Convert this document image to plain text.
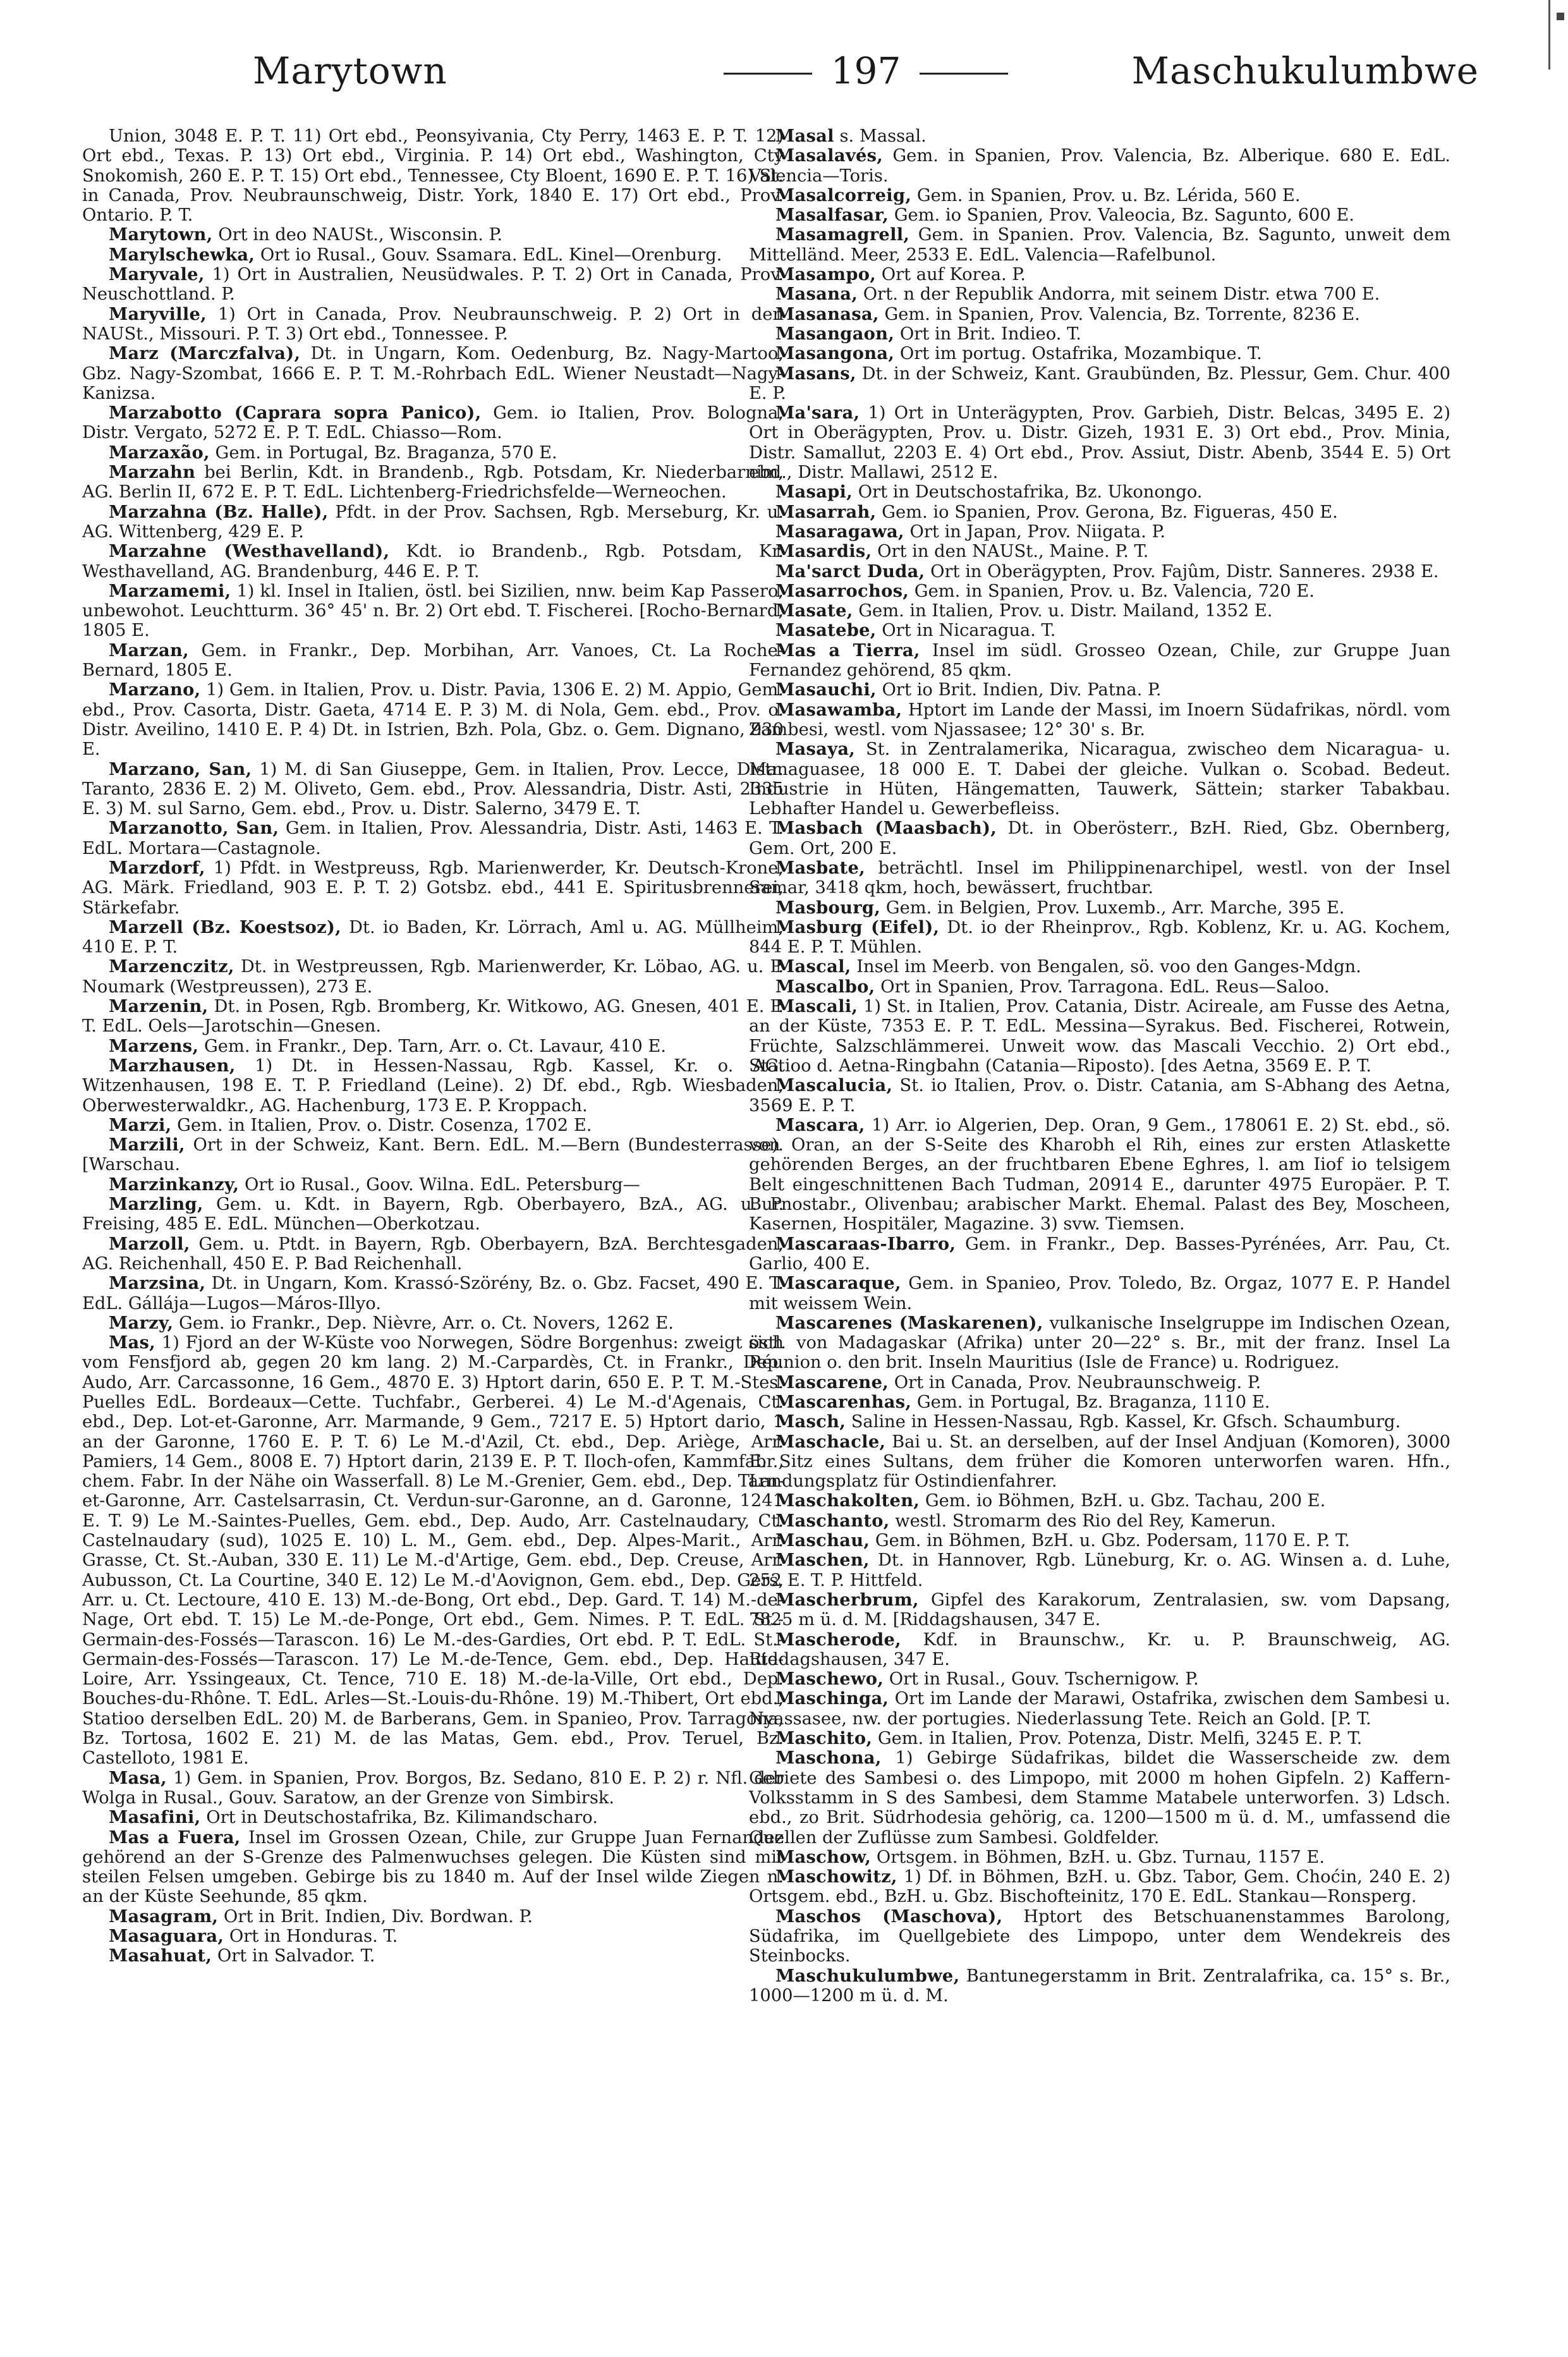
Marytown	197	Maschukulumbwe

Union, 3048 E. P. T. 11) Ort ebd., Peonsyivania, Cty Perry, 1463 E. P. T. 12) Ort ebd., Texas. P. 13) Ort ebd., Virginia. P. 14) Ort ebd., Washington, Cty Snokomish, 260 E. P. T. 15) Ort ebd., Tennessee, Cty Bloent, 1690 E. P. T. 16) St. in Canada, Prov. Neubraunschweig, Distr. York, 1840 E. 17) Ort ebd., Prov. Ontario. P. T.

Marytown, Ort in deo NAUSt., Wisconsin. P.

Marylschewka, Ort io Rusal., Gouv. Ssamara. EdL. Kinel—Orenburg.

Maryvale, 1) Ort in Australien, Neusüdwales. P. T. 2) Ort in Canada, Prov. Neuschottland. P.

Maryville, 1) Ort in Canada, Prov. Neubraunschweig. P. 2) Ort in den NAUSt., Missouri. P. T. 3) Ort ebd., Tonnessee. P.

Marz (Marczfalva), Dt. in Ungarn, Kom. Oedenburg, Bz. Nagy-Martoo, Gbz. Nagy-Szombat, 1666 E. P. T. M.-Rohrbach EdL. Wiener Neustadt—Nagy-Kanizsa.

Marzabotto (Caprara sopra Panico), Gem. io Italien, Prov. Bologna, Distr. Vergato, 5272 E. P. T. EdL. Chiasso—Rom.

Marzaxão, Gem. in Portugal, Bz. Braganza, 570 E.

Marzahn bei Berlin, Kdt. in Brandenb., Rgb. Potsdam, Kr. Niederbarnim, AG. Berlin II, 672 E. P. T. EdL. Lichtenberg-Friedrichsfelde—Werneochen.

Marzahna (Bz. Halle), Pfdt. in der Prov. Sachsen, Rgb. Merseburg, Kr. u. AG. Wittenberg, 429 E. P.

Marzahne (Westhavelland), Kdt. io Brandenb., Rgb. Potsdam, Kr. Westhavelland, AG. Brandenburg, 446 E. P. T.

Marzamemi, 1) kl. Insel in Italien, östl. bei Sizilien, nnw. beim Kap Passero, unbewohot. Leuchtturm. 36° 45' n. Br. 2) Ort ebd. T. Fischerei. [Rocho-Bernard, 1805 E.

Marzan, Gem. in Frankr., Dep. Morbihan, Arr. Vanoes, Ct. La Roche-Bernard, 1805 E.

Marzano, 1) Gem. in Italien, Prov. u. Distr. Pavia, 1306 E. 2) M. Appio, Gem. ebd., Prov. Casorta, Distr. Gaeta, 4714 E. P. 3) M. di Nola, Gem. ebd., Prov. o. Distr. Aveilino, 1410 E. P. 4) Dt. in Istrien, Bzh. Pola, Gbz. o. Gem. Dignano, 930 E.

Marzano, San, 1) M. di San Giuseppe, Gem. in Italien, Prov. Lecce, Distr. Taranto, 2836 E. 2) M. Oliveto, Gem. ebd., Prov. Alessandria, Distr. Asti, 2335 E. 3) M. sul Sarno, Gem. ebd., Prov. u. Distr. Salerno, 3479 E. T.

Marzanotto, San, Gem. in Italien, Prov. Alessandria, Distr. Asti, 1463 E. T. EdL. Mortara—Castagnole.

Marzdorf, 1) Pfdt. in Westpreuss, Rgb. Marienwerder, Kr. Deutsch-Krone, AG. Märk. Friedland, 903 E. P. T. 2) Gotsbz. ebd., 441 E. Spiritusbrennerei, Stärkefabr.

Marzell (Bz. Koestsoz), Dt. io Baden, Kr. Lörrach, Aml u. AG. Müllheim, 410 E. P. T.

Marzenczitz, Dt. in Westpreussen, Rgb. Marienwerder, Kr. Löbao, AG. u. P. Noumark (Westpreussen), 273 E.

Marzenin, Dt. in Posen, Rgb. Bromberg, Kr. Witkowo, AG. Gnesen, 401 E. P. T. EdL. Oels—Jarotschin—Gnesen.

Marzens, Gem. in Frankr., Dep. Tarn, Arr. o. Ct. Lavaur, 410 E.

Marzhausen, 1) Dt. in Hessen-Nassau, Rgb. Kassel, Kr. o. AG. Witzenhausen, 198 E. T. P. Friedland (Leine). 2) Df. ebd., Rgb. Wiesbaden, Oberwesterwaldkr., AG. Hachenburg, 173 E. P. Kroppach.

Marzi, Gem. in Italien, Prov. o. Distr. Cosenza, 1702 E.

Marzili, Ort in der Schweiz, Kant. Bern. EdL. M.—Bern (Bundesterrasse). [Warschau.

Marzinkanzy, Ort io Rusal., Goov. Wilna. EdL. Petersburg—

Marzling, Gem. u. Kdt. in Bayern, Rgb. Oberbayero, BzA., AG. u. P. Freising, 485 E. EdL. München—Oberkotzau.

Marzoll, Gem. u. Ptdt. in Bayern, Rgb. Oberbayern, BzA. Berchtesgaden, AG. Reichenhall, 450 E. P. Bad Reichenhall.

Marzsina, Dt. in Ungarn, Kom. Krassó-Szörény, Bz. o. Gbz. Facset, 490 E. T. EdL. Gállája—Lugos—Máros-Illyo.

Marzy, Gem. io Frankr., Dep. Nièvre, Arr. o. Ct. Novers, 1262 E.

Mas, 1) Fjord an der W-Küste voo Norwegen, Södre Borgenhus: zweigt sich vom Fensfjord ab, gegen 20 km lang. 2) M.-Carpardès, Ct. in Frankr., Dep. Audo, Arr. Carcassonne, 16 Gem., 4870 E. 3) Hptort darin, 650 E. P. T. M.-Stes. Puelles EdL. Bordeaux—Cette. Tuchfabr., Gerberei. 4) Le M.-d'Agenais, Ct. ebd., Dep. Lot-et-Garonne, Arr. Marmande, 9 Gem., 7217 E. 5) Hptort dario, 1 an der Garonne, 1760 E. P. T. 6) Le M.-d'Azil, Ct. ebd., Dep. Ariège, Arr. Pamiers, 14 Gem., 8008 E. 7) Hptort darin, 2139 E. P. T. Iloch-ofen, Kammfabr., chem. Fabr. In der Nähe oin Wasserfall. 8) Le M.-Grenier, Gem. ebd., Dep. Tarn-et-Garonne, Arr. Castelsarrasin, Ct. Verdun-sur-Garonne, an d. Garonne, 1241 E. T. 9) Le M.-Saintes-Puelles, Gem. ebd., Dep. Audo, Arr. Castelnaudary, Ct. Castelnaudary (sud), 1025 E. 10) L. M., Gem. ebd., Dep. Alpes-Marit., Arr. Grasse, Ct. St.-Auban, 330 E. 11) Le M.-d'Artige, Gem. ebd., Dep. Creuse, Arr. Aubusson, Ct. La Courtine, 340 E. 12) Le M.-d'Aovignon, Gem. ebd., Dep. Gers, Arr. u. Ct. Lectoure, 410 E. 13) M.-de-Bong, Ort ebd., Dep. Gard. T. 14) M.-de-Nage, Ort ebd. T. 15) Le M.-de-Ponge, Ort ebd., Gem. Nimes. P. T. EdL. St.-Germain-des-Fossés—Tarascon. 16) Le M.-des-Gardies, Ort ebd. P. T. EdL. St.-Germain-des-Fossés—Tarascon. 17) Le M.-de-Tence, Gem. ebd., Dep. Haute-Loire, Arr. Yssingeaux, Ct. Tence, 710 E. 18) M.-de-la-Ville, Ort ebd., Dep. Bouches-du-Rhône. T. EdL. Arles—St.-Louis-du-Rhône. 19) M.-Thibert, Ort ebd., Statioo derselben EdL. 20) M. de Barberans, Gem. in Spanieo, Prov. Tarragona, Bz. Tortosa, 1602 E. 21) M. de las Matas, Gem. ebd., Prov. Teruel, Bz. Castelloto, 1981 E.

Masa, 1) Gem. in Spanien, Prov. Borgos, Bz. Sedano, 810 E. P. 2) r. Nfl. der Wolga in Rusal., Gouv. Saratow, an der Grenze von Simbirsk.

Masafini, Ort in Deutschostafrika, Bz. Kilimandscharo.

Mas a Fuera, Insel im Grossen Ozean, Chile, zur Gruppe Juan Fernandez gehörend an der S-Grenze des Palmenwuchses gelegen. Die Küsten sind mit steilen Felsen umgeben. Gebirge bis zu 1840 m. Auf der Insel wilde Ziegen n. an der Küste Seehunde, 85 qkm.

Masagram, Ort in Brit. Indien, Div. Bordwan. P.

Masaguara, Ort in Honduras. T.

Masahuat, Ort in Salvador. T.

Masal s. Massal.

Masalavés, Gem. in Spanien, Prov. Valencia, Bz. Alberique. 680 E. EdL. Valencia—Toris.

Masalcorreig, Gem. in Spanien, Prov. u. Bz. Lérida, 560 E.

Masalfasar, Gem. io Spanien, Prov. Valeocia, Bz. Sagunto, 600 E.

Masamagrell, Gem. in Spanien. Prov. Valencia, Bz. Sagunto, unweit dem Mittelländ. Meer, 2533 E. EdL. Valencia—Rafelbunol.

Masampo, Ort auf Korea. P.

Masana, Ort. n der Republik Andorra, mit seinem Distr. etwa 700 E.

Masanasa, Gem. in Spanien, Prov. Valencia, Bz. Torrente, 8236 E.

Masangaon, Ort in Brit. Indieo. T.

Masangona, Ort im portug. Ostafrika, Mozambique. T.

Masans, Dt. in der Schweiz, Kant. Graubünden, Bz. Plessur, Gem. Chur. 400 E. P.

Ma'sara, 1) Ort in Unterägypten, Prov. Garbieh, Distr. Belcas, 3495 E. 2) Ort in Oberägypten, Prov. u. Distr. Gizeh, 1931 E. 3) Ort ebd., Prov. Minia, Distr. Samallut, 2203 E. 4) Ort ebd., Prov. Assiut, Distr. Abenb, 3544 E. 5) Ort ebd., Distr. Mallawi, 2512 E.

Masapi, Ort in Deutschostafrika, Bz. Ukonongo.

Masarrah, Gem. io Spanien, Prov. Gerona, Bz. Figueras, 450 E.

Masaragawa, Ort in Japan, Prov. Niigata. P.

Masardis, Ort in den NAUSt., Maine. P. T.

Ma'sarct Duda, Ort in Oberägypten, Prov. Fajûm, Distr. Sanneres. 2938 E.

Masarrochos, Gem. in Spanien, Prov. u. Bz. Valencia, 720 E.

Masate, Gem. in Italien, Prov. u. Distr. Mailand, 1352 E.

Masatebe, Ort in Nicaragua. T.

Mas a Tierra, Insel im südl. Grosseo Ozean, Chile, zur Gruppe Juan Fernandez gehörend, 85 qkm.

Masauchi, Ort io Brit. Indien, Div. Patna. P.

Masawamba, Hptort im Lande der Massi, im Inoern Südafrikas, nördl. vom Zambesi, westl. vom Njassasee; 12° 30' s. Br.

Masaya, St. in Zentralamerika, Nicaragua, zwischeo dem Nicaragua- u. Managuasee, 18 000 E. T. Dabei der gleiche. Vulkan o. Scobad. Bedeut. Industrie in Hüten, Hängematten, Tauwerk, Sättein; starker Tabakbau. Lebhafter Handel u. Gewerbefleiss.

Masbach (Maasbach), Dt. in Oberösterr., BzH. Ried, Gbz. Obernberg, Gem. Ort, 200 E.

Masbate, beträchtl. Insel im Philippinenarchipel, westl. von der Insel Samar, 3418 qkm, hoch, bewässert, fruchtbar.

Masbourg, Gem. in Belgien, Prov. Luxemb., Arr. Marche, 395 E.

Masburg (Eifel), Dt. io der Rheinprov., Rgb. Koblenz, Kr. u. AG. Kochem, 844 E. P. T. Mühlen.

Mascal, Insel im Meerb. von Bengalen, sö. voo den Ganges-Mdgn.

Mascalbo, Ort in Spanien, Prov. Tarragona. EdL. Reus—Saloo.

Mascali, 1) St. in Italien, Prov. Catania, Distr. Acireale, am Fusse des Aetna, an der Küste, 7353 E. P. T. EdL. Messina—Syrakus. Bed. Fischerei, Rotwein, Früchte, Salzschlämmerei. Unweit wow. das Mascali Vecchio. 2) Ort ebd., Statioo d. Aetna-Ringbahn (Catania—Riposto). [des Aetna, 3569 E. P. T.

Mascalucia, St. io Italien, Prov. o. Distr. Catania, am S-Abhang des Aetna, 3569 E. P. T.

Mascara, 1) Arr. io Algerien, Dep. Oran, 9 Gem., 178061 E. 2) St. ebd., sö. von Oran, an der S-Seite des Kharobh el Rih, eines zur ersten Atlaskette gehörenden Berges, an der fruchtbaren Ebene Eghres, l. am Iiof io telsigem Belt eingeschnittenen Bach Tudman, 20914 E., darunter 4975 Europäer. P. T. Burnostabr., Olivenbau; arabischer Markt. Ehemal. Palast des Bey, Moscheen, Kasernen, Hospitäler, Magazine. 3) svw. Tiemsen.

Mascaraas-Ibarro, Gem. in Frankr., Dep. Basses-Pyrénées, Arr. Pau, Ct. Garlio, 400 E.

Mascaraque, Gem. in Spanieo, Prov. Toledo, Bz. Orgaz, 1077 E. P. Handel mit weissem Wein.

Mascarenes (Maskarenen), vulkanische Inselgruppe im Indischen Ozean, östl. von Madagaskar (Afrika) unter 20—22° s. Br., mit der franz. Insel La Réunion o. den brit. Inseln Mauritius (Isle de France) u. Rodriguez.

Mascarene, Ort in Canada, Prov. Neubraunschweig. P.

Mascarenhas, Gem. in Portugal, Bz. Braganza, 1110 E.

Masch, Saline in Hessen-Nassau, Rgb. Kassel, Kr. Gfsch. Schaumburg.

Maschacle, Bai u. St. an derselben, auf der Insel Andjuan (Komoren), 3000 E. Sitz eines Sultans, dem früher die Komoren unterworfen waren. Hfn., Landungsplatz für Ostindienfahrer.

Maschakolten, Gem. io Böhmen, BzH. u. Gbz. Tachau, 200 E.

Maschanto, westl. Stromarm des Rio del Rey, Kamerun.

Maschau, Gem. in Böhmen, BzH. u. Gbz. Podersam, 1170 E. P. T.

Maschen, Dt. in Hannover, Rgb. Lüneburg, Kr. o. AG. Winsen a. d. Luhe, 252 E. T. P. Hittfeld.

Mascherbrum, Gipfel des Karakorum, Zentralasien, sw. vom Dapsang, 7825 m ü. d. M. [Riddagshausen, 347 E.

Mascherode, Kdf. in Braunschw., Kr. u. P. Braunschweig, AG. Riddagshausen, 347 E.

Maschewo, Ort in Rusal., Gouv. Tschernigow. P.

Maschinga, Ort im Lande der Marawi, Ostafrika, zwischen dem Sambesi u. Nyassasee, nw. der portugies. Niederlassung Tete. Reich an Gold. [P. T.

Maschito, Gem. in Italien, Prov. Potenza, Distr. Melfi, 3245 E. P. T.

Maschona, 1) Gebirge Südafrikas, bildet die Wasserscheide zw. dem Gebiete des Sambesi o. des Limpopo, mit 2000 m hohen Gipfeln. 2) Kaffern-Volksstamm in S des Sambesi, dem Stamme Matabele unterworfen. 3) Ldsch. ebd., zo Brit. Südrhodesia gehörig, ca. 1200—1500 m ü. d. M., umfassend die Quellen der Zuflüsse zum Sambesi. Goldfelder.

Maschow, Ortsgem. in Böhmen, BzH. u. Gbz. Turnau, 1157 E.

Maschowitz, 1) Df. in Böhmen, BzH. u. Gbz. Tabor, Gem. Choćin, 240 E. 2) Ortsgem. ebd., BzH. u. Gbz. Bischofteinitz, 170 E. EdL. Stankau—Ronsperg.

Maschos (Maschova), Hptort des Betschuanenstammes Barolong, Südafrika, im Quellgebiete des Limpopo, unter dem Wendekreis des Steinbocks.

Maschukulumbwe, Bantunegerstamm in Brit. Zentralafrika, ca. 15° s. Br., 1000—1200 m ü. d. M.
